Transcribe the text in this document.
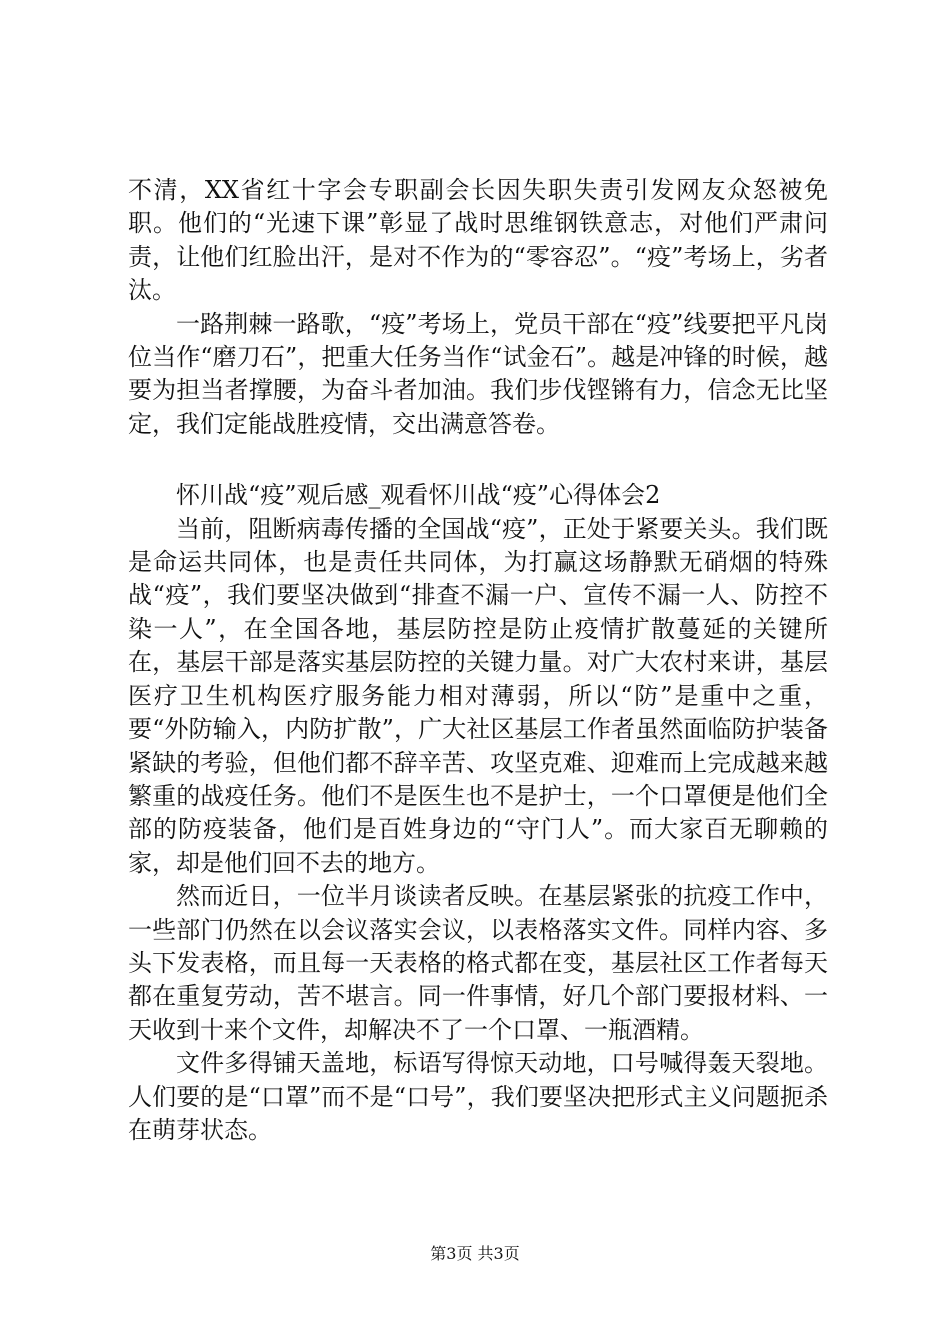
不清，XX省红十字会专职副会长因失职失责引发网友众怒被免职。他们的“光速下课”彰显了战时思维钢铁意志，对他们严肃问责，让他们红脸出汗，是对不作为的“零容忍”。“疫”考场上，劣者汰。

一路荆棘一路歌，“疫”考场上，党员干部在“疫”线要把平凡岗位当作“磨刀石”，把重大任务当作“试金石”。越是冲锋的时候，越要为担当者撑腰，为奋斗者加油。我们步伐铿锵有力，信念无比坚定，我们定能战胜疫情，交出满意答卷。

怀川战“疫”观后感_观看怀川战“疫”心得体会2

当前，阻断病毒传播的全国战“疫”，正处于紧要关头。我们既是命运共同体，也是责任共同体，为打赢这场静默无硝烟的特殊战“疫”，我们要坚决做到“排查不漏一户、宣传不漏一人、防控不染一人”，在全国各地，基层防控是防止疫情扩散蔓延的关键所在，基层干部是落实基层防控的关键力量。对广大农村来讲，基层医疗卫生机构医疗服务能力相对薄弱，所以“防”是重中之重，要“外防输入，内防扩散”，广大社区基层工作者虽然面临防护装备紧缺的考验，但他们都不辞辛苦、攻坚克难、迎难而上完成越来越繁重的战疫任务。他们不是医生也不是护士，一个口罩便是他们全部的防疫装备，他们是百姓身边的“守门人”。而大家百无聊赖的家，却是他们回不去的地方。

然而近日，一位半月谈读者反映。在基层紧张的抗疫工作中，一些部门仍然在以会议落实会议，以表格落实文件。同样内容、多头下发表格，而且每一天表格的格式都在变，基层社区工作者每天都在重复劳动，苦不堪言。同一件事情，好几个部门要报材料、一天收到十来个文件，却解决不了一个口罩、一瓶酒精。

文件多得铺天盖地，标语写得惊天动地，口号喊得轰天裂地。人们要的是“口罩”而不是“口号”，我们要坚决把形式主义问题扼杀在萌芽状态。

第3页 共3页
